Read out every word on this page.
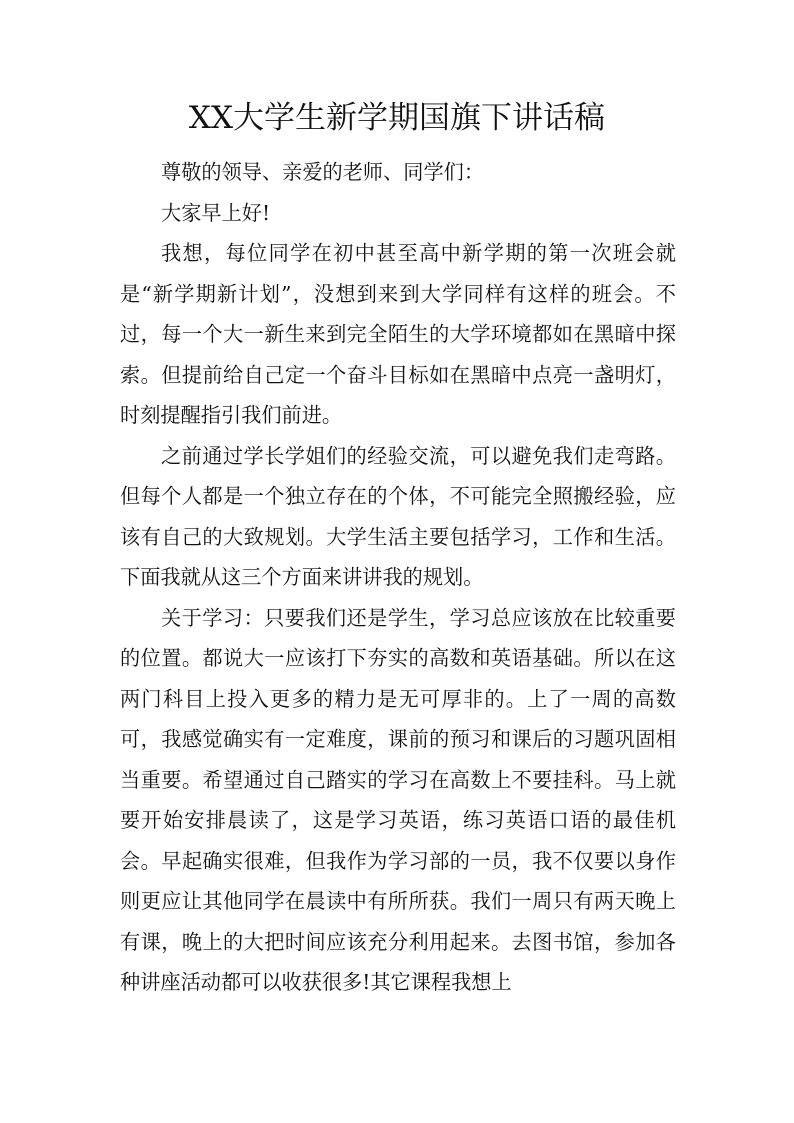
XX大学生新学期国旗下讲话稿

尊敬的领导、亲爱的老师、同学们：

大家早上好!

我想，每位同学在初中甚至高中新学期的第一次班会就是“新学期新计划”，没想到来到大学同样有这样的班会。不过，每一个大一新生来到完全陌生的大学环境都如在黑暗中探索。但提前给自己定一个奋斗目标如在黑暗中点亮一盏明灯，时刻提醒指引我们前进。

之前通过学长学姐们的经验交流，可以避免我们走弯路。但每个人都是一个独立存在的个体，不可能完全照搬经验，应该有自己的大致规划。大学生活主要包括学习，工作和生活。下面我就从这三个方面来讲讲我的规划。

关于学习：只要我们还是学生，学习总应该放在比较重要的位置。都说大一应该打下夯实的高数和英语基础。所以在这两门科目上投入更多的精力是无可厚非的。上了一周的高数可，我感觉确实有一定难度，课前的预习和课后的习题巩固相当重要。希望通过自己踏实的学习在高数上不要挂科。马上就要开始安排晨读了，这是学习英语，练习英语口语的最佳机会。早起确实很难，但我作为学习部的一员，我不仅要以身作则更应让其他同学在晨读中有所所获。我们一周只有两天晚上有课，晚上的大把时间应该充分利用起来。去图书馆，参加各种讲座活动都可以收获很多!其它课程我想上
